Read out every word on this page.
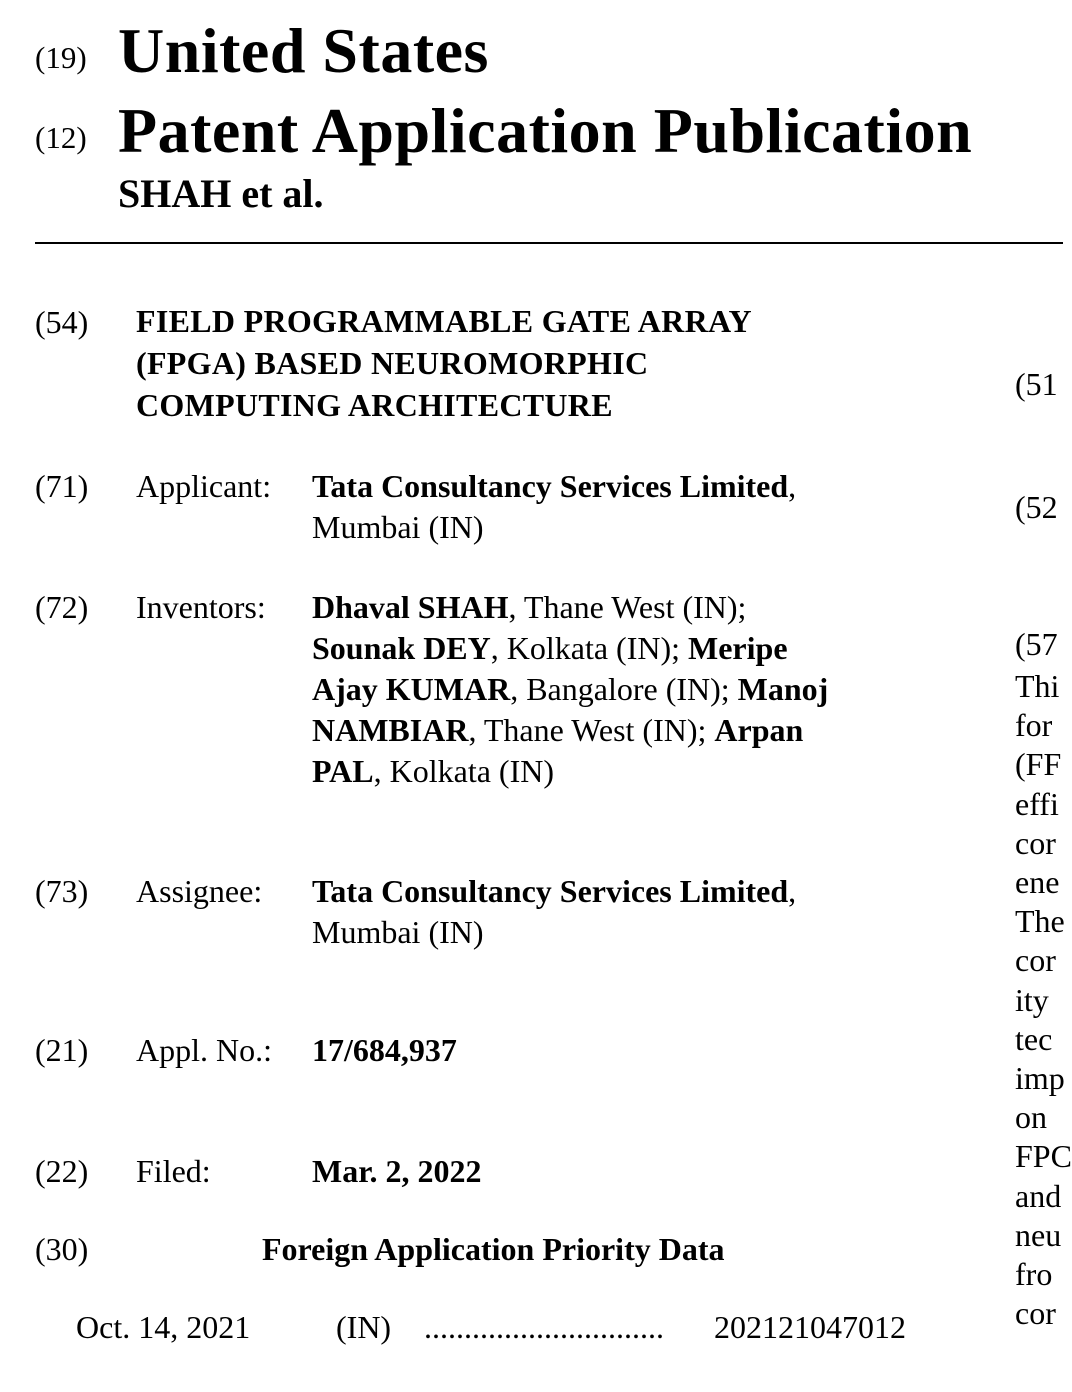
(19) United States
(12) Patent Application Publication
SHAH et al.
(54) FIELD PROGRAMMABLE GATE ARRAY
(FPGA) BASED NEUROMORPHIC
COMPUTING ARCHITECTURE
(71) Applicant: Tata Consultancy Services Limited,
Mumbai (IN)
(72) Inventors: Dhaval SHAH, Thane West (IN);
Sounak DEY, Kolkata (IN); Meripe
Ajay KUMAR, Bangalore (IN); Manoj
NAMBIAR, Thane West (IN); Arpan
PAL, Kolkata (IN)
(73) Assignee: Tata Consultancy Services Limited,
Mumbai (IN)
(21) Appl. No.: 17/684,937
(22) Filed:	Mar. 2, 2022
(30)	Foreign Application Priority Data
Oct. 14, 2021	(IN) .............................. 202121047012
(51
(52
(57
Thi
for
(FF
effi
cor
ene
The
cor
ity
tec
imp
on
FPC
and
neu
fro
cor
